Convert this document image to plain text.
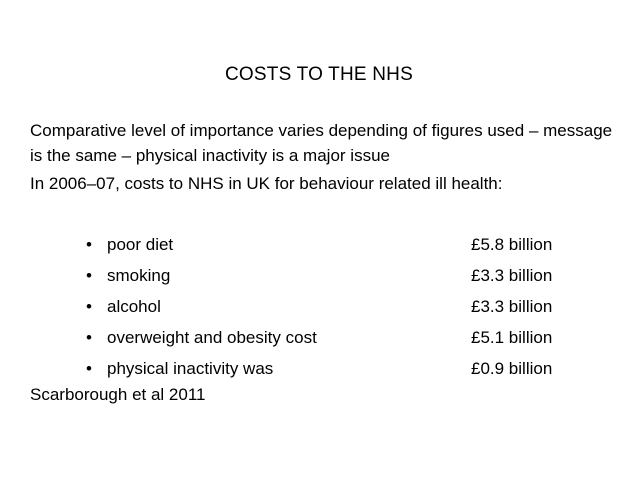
COSTS TO THE NHS
Comparative level of importance varies depending of figures used – message is the same – physical inactivity is a major issue
In 2006–07, costs to NHS in UK for behaviour related ill health:
• poor diet	£5.8 billion
• smoking	£3.3 billion
• alcohol	£3.3 billion
• overweight and obesity cost	£5.1 billion
• physical inactivity was	£0.9 billion
Scarborough et al 2011
